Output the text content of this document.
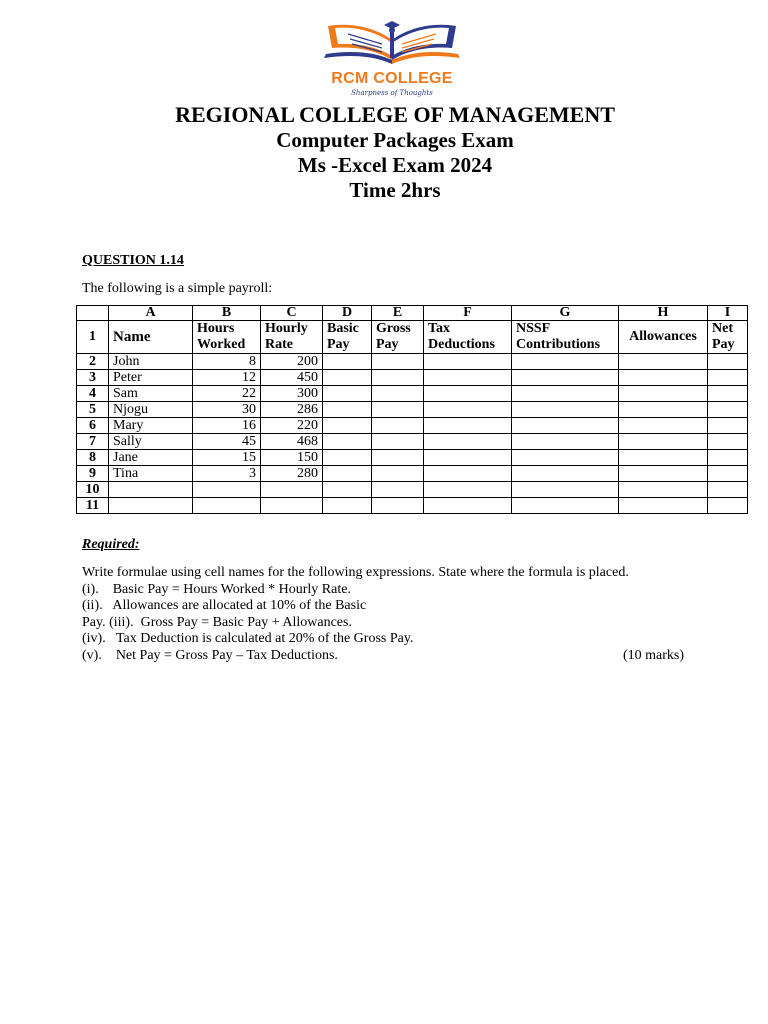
RCM COLLEGE
Sharpness of Thoughts
REGIONAL COLLEGE OF MANAGEMENT
Computer Packages Exam
Ms -Excel Exam 2024
Time 2hrs
QUESTION 1.14
The following is a simple payroll:
	A	B	C	D	E	F	G	H	I
1	Name	Hours Worked	Hourly Rate	Basic Pay	Gross Pay	Tax Deductions	NSSF Contributions	Allowances	Net Pay
2	John	8	200						
3	Peter	12	450						
4	Sam	22	300						
5	Njogu	30	286						
6	Mary	16	220						
7	Sally	45	468						
8	Jane	15	150						
9	Tina	3	280						
10									
11									
Required:

Write formulae using cell names for the following expressions. State where the formula is placed.

(i).    Basic Pay = Hours Worked * Hourly Rate.

(ii).   Allowances are allocated at 10% of the Basic

Pay. (iii).  Gross Pay = Basic Pay + Allowances.

(iv).   Tax Deduction is calculated at 20% of the Gross Pay.

(v).    Net Pay = Gross Pay – Tax Deductions.	(10 marks)
